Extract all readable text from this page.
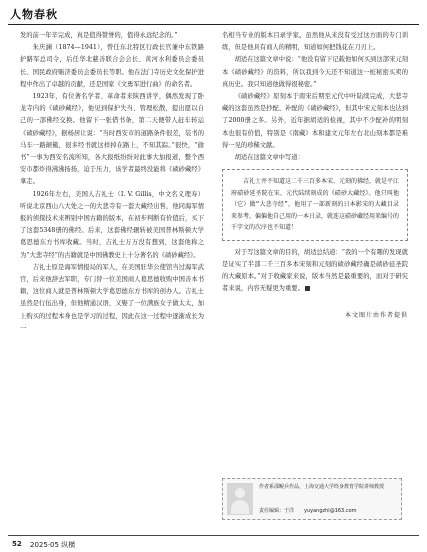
人物春秋

发的前一年辛完成，真是值得赞誉的，值得永远纪念的。”

朱庆澜（1874—1941），曾任东北特区行政长官兼中东铁路护路军总司令，后任华北慈善联合会会长、黄河水利委员会委员长、国民政府赈济委员会委员长等职。他在法门寺历史文化保护进程中作出了卓越的贡献，还是国家《文勇军进行曲》的命名者。

1923年，有位著名学者、革命者来陕西讲学，偶然发现了卧龙寺内的《碛砂藏经》，他见到保护失当、管理松散，提出愿以自己的一部佛经交换。他留下一张借书条，第二天便带人赶车转运《碛砂藏经》，据杨居让说：“当时西安市的道路条件很差，装书的马车一路颠簸，很多经书就这样掉在路上，不知其踪。”很快，“偷书”一事为西安名流所知，各大报纸纷纷对此事大加报道，整个西安市都炸得沸沸扬扬，迫于压力，该学者最终没能将《碛砂藏经》拿走。

1926年左右，美国人吉礼士（I. V. Gillis，中文名义理寿）听说北京西山八大处之一的大悲寺有一套大藏经出售，他同海军情报的侦探技术来辨别中国古籍的版本，在初步判断有价值后，买下了这套5348册的佛经。后来，这套佛经辗转被美国普林斯顿大学葛思德东方书库收藏。当时，吉礼士万万没有想到，这套他称之为“大悲寺经”的古籍就是中国佛教史上十分著名的《碛砂藏经》。

吉礼士原是海军情报局的军人，在美国驻华公使馆当过海军武官，后来他辞去军职，专门替一位美国商人葛思德收购中国善本书籍，这位商人就是普林斯顿大学葛思德东方书库的创办人。吉礼士虽然是行伍出身，但他精通汉语，又娶了一位满族女子做太太，加上购买的过程本身也是学习的过程，因此在这一过程中逐渐成长为一

名相当专业的版本目录学家。虽然他从来没有受过这方面的专门训练，但是他具有商人的精明，知道如何把钱花在刀刃上。

胡适在这篇文章中说：“他没有留下记载他如何买到这部宋元刻本《碛砂藏经》的资料，所以我到今天还不知道这一桩秘密买卖的真历史。我只知道他做得很秘密。”

《碛砂藏经》原刻本于南宋后期至元代中叶陆续完成，大悲寺藏的这套虽然是抄配、补配的《碛砂藏经》，但其中宋元刻本也达到了2000册之多。另外，近年据胡适的检视，其中不少配补的明刻本也很有价值，特别是《南藏》本和建文元年左右北山刻本都是难得一见的珍稀文献。

胡适在这篇文章中写道：

吉礼士并不知道这二千三百多本宋、元刻的佛经，就是平江府碛砂延圣院在宋、元代陆续刻成的《碛砂大藏经》。他只叫他（它）做“大悲寺经”，他用了一部新刻的日本影宋的大藏目录来参考，偏偏他自己用的一本日录，就连这碛砂藏经用来编号的千字文的次序也不知道！

对于写这篇文章的目的，胡适总结道：“我的一个有趣的发现就是证实了半部二千三百多本宋刻和元刻的碛砂藏经确是碛砂延圣院的大藏原本。”对于收藏家来说，版本当然是最重要的，而对于研究者来说，内容无疑更为重要。

本文图片由作者提供
作者系邵鲲兵作品，上海交通大学终身教育学院讲师教授
责任编辑：于洋 yuyangzhi@163.com
52 2025·05 纵横
